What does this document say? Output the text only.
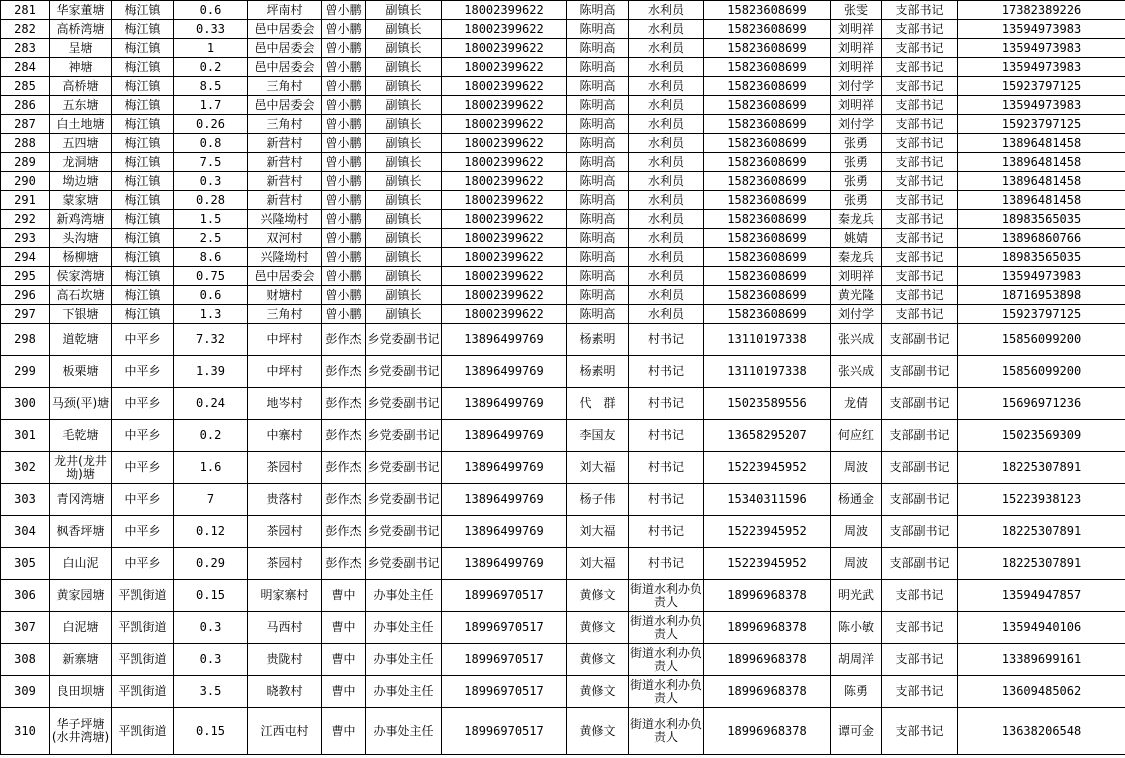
281	华家董塘	梅江镇	0.6	坪南村	曾小鹏	副镇长	18002399622	陈明高	水利员	15823608699	张雯	支部书记	17382389226
282	高桥湾塘	梅江镇	0.33	邑中居委会	曾小鹏	副镇长	18002399622	陈明高	水利员	15823608699	刘明祥	支部书记	13594973983
283	呈塘	梅江镇	1	邑中居委会	曾小鹏	副镇长	18002399622	陈明高	水利员	15823608699	刘明祥	支部书记	13594973983
284	神塘	梅江镇	0.2	邑中居委会	曾小鹏	副镇长	18002399622	陈明高	水利员	15823608699	刘明祥	支部书记	13594973983
285	高桥塘	梅江镇	8.5	三角村	曾小鹏	副镇长	18002399622	陈明高	水利员	15823608699	刘付学	支部书记	15923797125
286	五东塘	梅江镇	1.7	邑中居委会	曾小鹏	副镇长	18002399622	陈明高	水利员	15823608699	刘明祥	支部书记	13594973983
287	白土地塘	梅江镇	0.26	三角村	曾小鹏	副镇长	18002399622	陈明高	水利员	15823608699	刘付学	支部书记	15923797125
288	五四塘	梅江镇	0.8	新营村	曾小鹏	副镇长	18002399622	陈明高	水利员	15823608699	张勇	支部书记	13896481458
289	龙洞塘	梅江镇	7.5	新营村	曾小鹏	副镇长	18002399622	陈明高	水利员	15823608699	张勇	支部书记	13896481458
290	坳边塘	梅江镇	0.3	新营村	曾小鹏	副镇长	18002399622	陈明高	水利员	15823608699	张勇	支部书记	13896481458
291	蒙家塘	梅江镇	0.28	新营村	曾小鹏	副镇长	18002399622	陈明高	水利员	15823608699	张勇	支部书记	13896481458
292	新鸡湾塘	梅江镇	1.5	兴隆坳村	曾小鹏	副镇长	18002399622	陈明高	水利员	15823608699	秦龙兵	支部书记	18983565035
293	头沟塘	梅江镇	2.5	双河村	曾小鹏	副镇长	18002399622	陈明高	水利员	15823608699	姚婧	支部书记	13896860766
294	杨柳塘	梅江镇	8.6	兴隆坳村	曾小鹏	副镇长	18002399622	陈明高	水利员	15823608699	秦龙兵	支部书记	18983565035
295	侯家湾塘	梅江镇	0.75	邑中居委会	曾小鹏	副镇长	18002399622	陈明高	水利员	15823608699	刘明祥	支部书记	13594973983
296	高石坎塘	梅江镇	0.6	财塘村	曾小鹏	副镇长	18002399622	陈明高	水利员	15823608699	黄光隆	支部书记	18716953898
297	下银塘	梅江镇	1.3	三角村	曾小鹏	副镇长	18002399622	陈明高	水利员	15823608699	刘付学	支部书记	15923797125
298	道乾塘	中平乡	7.32	中坪村	彭作杰	乡党委副书记	13896499769	杨素明	村书记	13110197338	张兴成	支部副书记	15856099200
299	板栗塘	中平乡	1.39	中坪村	彭作杰	乡党委副书记	13896499769	杨素明	村书记	13110197338	张兴成	支部副书记	15856099200
300	马颈(平)塘	中平乡	0.24	地岑村	彭作杰	乡党委副书记	13896499769	代　群	村书记	15023589556	龙倩	支部副书记	15696971236
301	毛乾塘	中平乡	0.2	中寨村	彭作杰	乡党委副书记	13896499769	李国友	村书记	13658295207	何应红	支部副书记	15023569309
302	龙井(龙井坳)塘	中平乡	1.6	茶园村	彭作杰	乡党委副书记	13896499769	刘大福	村书记	15223945952	周波	支部副书记	18225307891
303	青冈湾塘	中平乡	7	贵落村	彭作杰	乡党委副书记	13896499769	杨子伟	村书记	15340311596	杨通金	支部副书记	15223938123
304	枫香坪塘	中平乡	0.12	茶园村	彭作杰	乡党委副书记	13896499769	刘大福	村书记	15223945952	周波	支部副书记	18225307891
305	白山泥	中平乡	0.29	茶园村	彭作杰	乡党委副书记	13896499769	刘大福	村书记	15223945952	周波	支部副书记	18225307891
306	黄家园塘	平凯街道	0.15	明家寨村	曹中	办事处主任	18996970517	黄修文	街道水利办负责人	18996968378	明光武	支部书记	13594947857
307	白泥塘	平凯街道	0.3	马西村	曹中	办事处主任	18996970517	黄修文	街道水利办负责人	18996968378	陈小敏	支部书记	13594940106
308	新寨塘	平凯街道	0.3	贵陇村	曹中	办事处主任	18996970517	黄修文	街道水利办负责人	18996968378	胡周洋	支部书记	13389699161
309	良田坝塘	平凯街道	3.5	晓教村	曹中	办事处主任	18996970517	黄修文	街道水利办负责人	18996968378	陈勇	支部书记	13609485062
310	华子坪塘(水井湾塘)	平凯街道	0.15	江西屯村	曹中	办事处主任	18996970517	黄修文	街道水利办负责人	18996968378	谭可金	支部书记	13638206548
